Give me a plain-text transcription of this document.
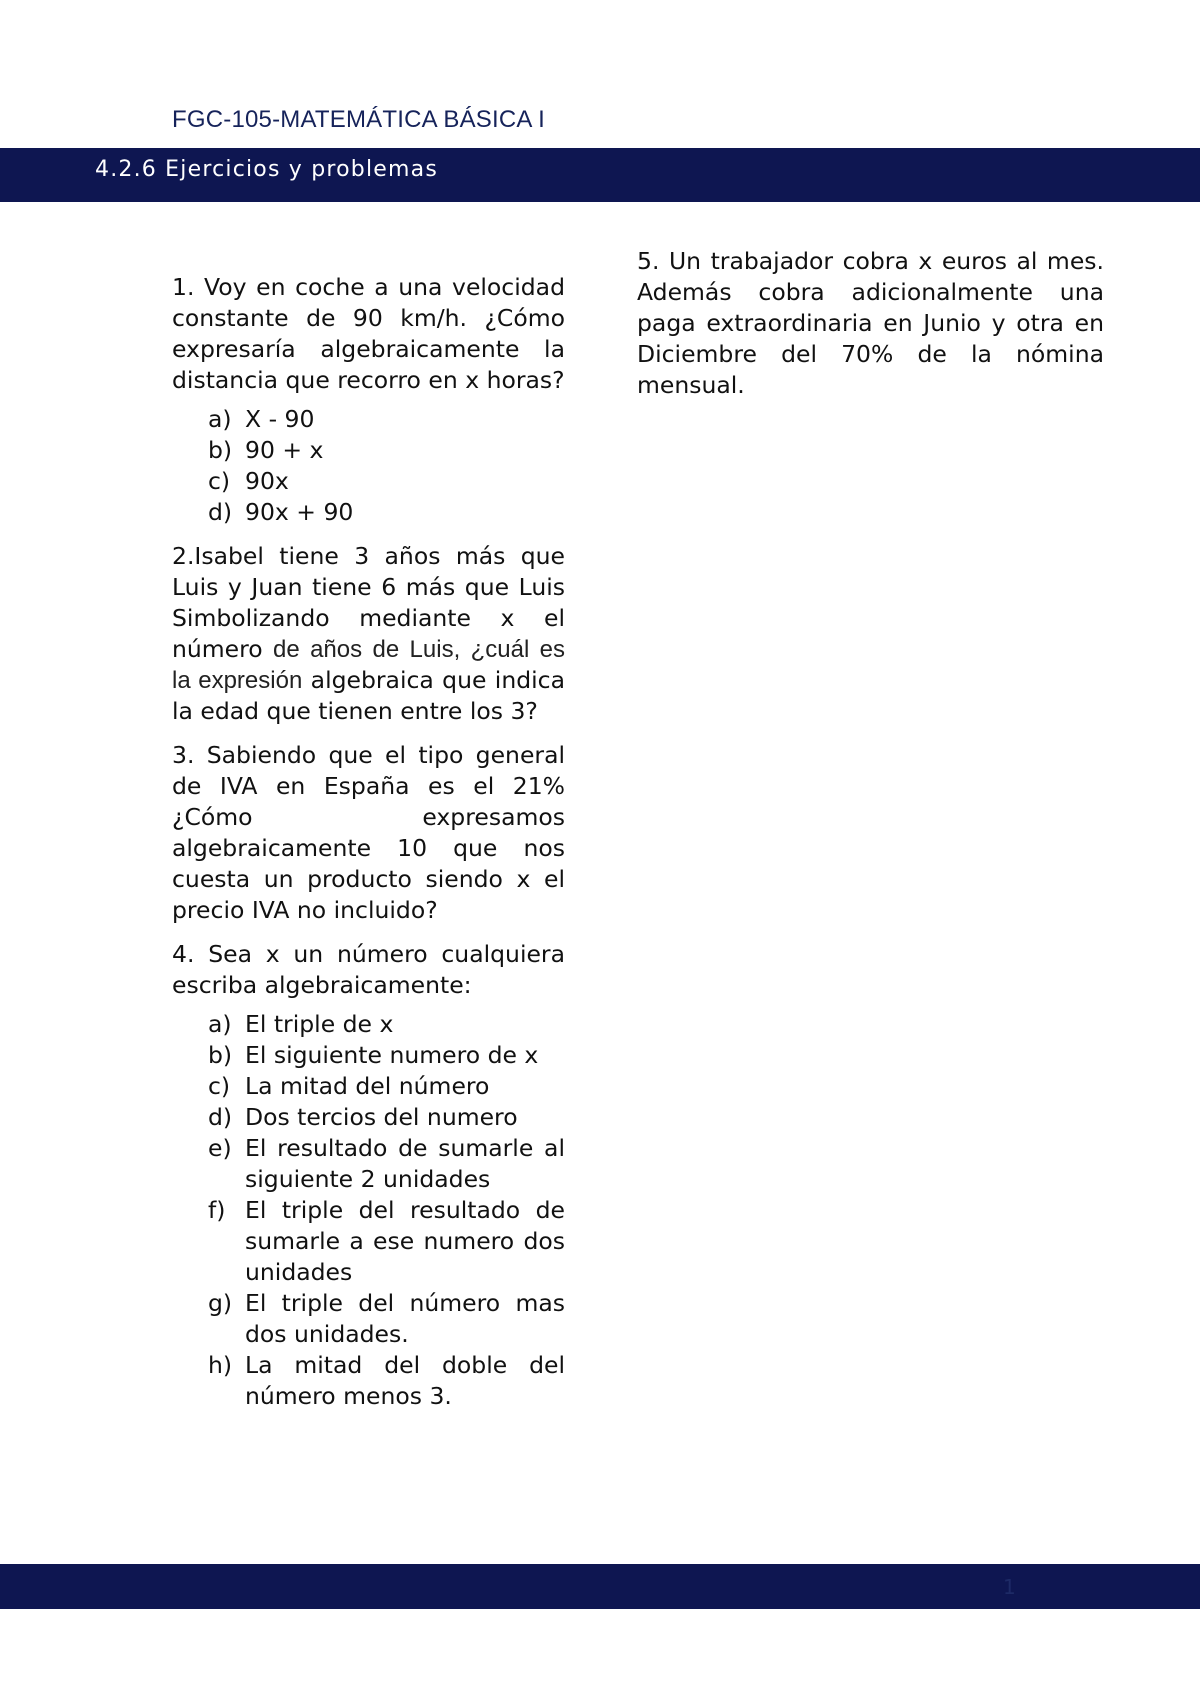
FGC-105-MATEMÁTICA BÁSICA I
4.2.6 Ejercicios y problemas

1. Voy en coche a una velocidad constante de 90 km/h. ¿Cómo expresaría algebraicamente la distancia que recorro en x horas?

a) X - 90
b) 90 + x
c) 90x
d) 90x + 90

2.Isabel tiene 3 años más que Luis y Juan tiene 6 más que Luis Simbolizando mediante x el número de años de Luis, ¿cuál es la expresión algebraica que indica la edad que tienen entre los 3?

3. Sabiendo que el tipo general de IVA en España es el 21% ¿Cómo expresamos algebraicamente 10 que nos cuesta un producto siendo x el precio IVA no incluido?

4. Sea x un número cualquiera escriba algebraicamente:

a) El triple de x
b) El siguiente numero de x
c) La mitad del número
d) Dos tercios del numero
e) El resultado de sumarle al siguiente 2 unidades
f) El triple del resultado de sumarle a ese numero dos unidades
g) El triple del número mas dos unidades.
h) La mitad del doble del número menos 3.

5. Un trabajador cobra x euros al mes. Además cobra adicionalmente una paga extraordinaria en Junio y otra en Diciembre del 70% de la nómina mensual.

1
